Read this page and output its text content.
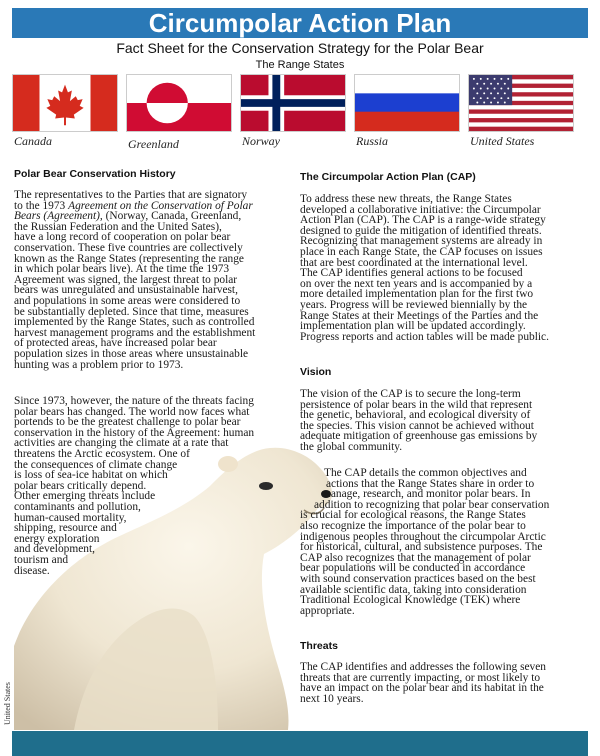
Circumpolar Action Plan
Fact Sheet for the Conservation Strategy for the Polar Bear
The Range States
Canada	Greenland	Norway	Russia	United States
Polar Bear Conservation History
The representatives to the Parties that are signatory
to the 1973 Agreement on the Conservation of Polar
Bears (Agreement), (Norway, Canada, Greenland,
the Russian Federation and the United Sates),
have a long record of cooperation on polar bear
conservation. These five countries are collectively
known as the Range States (representing the range
in which polar bears live). At the time the 1973
Agreement was signed, the largest threat to polar
bears was unregulated and unsustainable harvest,
and populations in some areas were considered to
be substantially depleted. Since that time, measures
implemented by the Range States, such as controlled
harvest management programs and the establishment
of protected areas, have increased polar bear
population sizes in those areas where unsustainable
hunting was a problem prior to 1973.
Since 1973, however, the nature of the threats facing
polar bears has changed. The world now faces what
portends to be the greatest challenge to polar bear
conservation in the history of the Agreement: human
activities are changing the climate at a rate that
threatens the Arctic ecosystem. One of
the consequences of climate change
is loss of sea-ice habitat on which
polar bears critically depend.
Other emerging threats include
contaminants and pollution,
human-caused mortality,
shipping, resource and
energy exploration
and development,
tourism and
disease.
The Circumpolar Action Plan (CAP)
To address these new threats, the Range States
developed a collaborative initiative: the Circumpolar
Action Plan (CAP). The CAP is a range-wide strategy
designed to guide the mitigation of identified threats.
Recognizing that management systems are already in
place in each Range State, the CAP focuses on issues
that are best coordinated at the international level.
The CAP identifies general actions to be focused
on over the next ten years and is accompanied by a
more detailed implementation plan for the first two
years. Progress will be reviewed biennially by the
Range States at their Meetings of the Parties and the
implementation plan will be updated accordingly.
Progress reports and action tables will be made public.
Vision
The vision of the CAP is to secure the long-term
persistence of polar bears in the wild that represent
the genetic, behavioral, and ecological diversity of
the species. This vision cannot be achieved without
adequate mitigation of greenhouse gas emissions by
the global community.
The CAP details the common objectives and
actions that the Range States share in order to
manage, research, and monitor polar bears. In
addition to recognizing that polar bear conservation
is crucial for ecological reasons, the Range States
also recognize the importance of the polar bear to
indigenous peoples throughout the circumpolar Arctic
for historical, cultural, and subsistence purposes. The
CAP also recognizes that the management of polar
bear populations will be conducted in accordance
with sound conservation practices based on the best
available scientific data, taking into consideration
Traditional Ecological Knowledge (TEK) where
appropriate.
Threats
The CAP identifies and addresses the following seven
threats that are currently impacting, or most likely to
have an impact on the polar bear and its habitat in the
next 10 years.
United States
